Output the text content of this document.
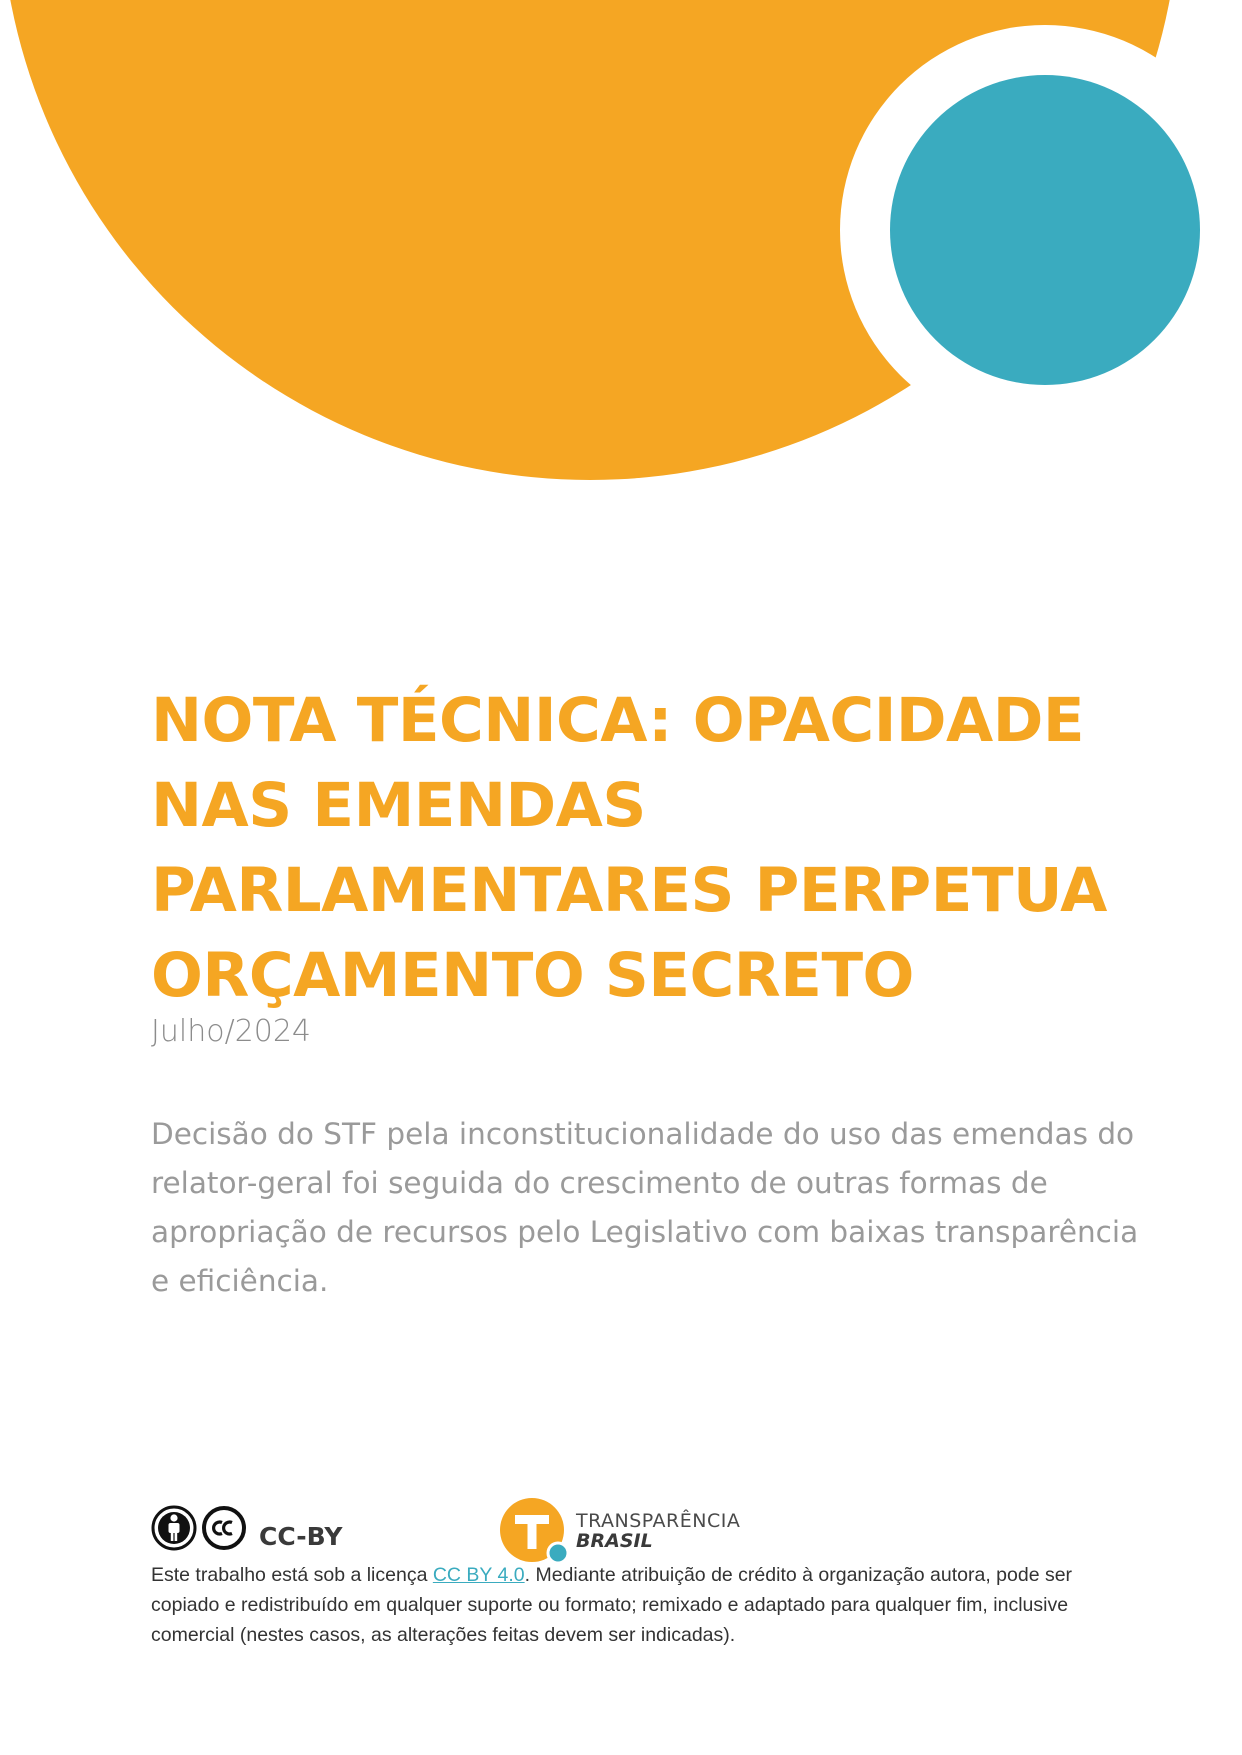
NOTA TÉCNICA: OPACIDADE
NAS EMENDAS
PARLAMENTARES PERPETUA
ORÇAMENTO SECRETO
Julho/2024

Decisão do STF pela inconstitucionalidade do uso das emendas do
relator-geral foi seguida do crescimento de outras formas de
apropriação de recursos pelo Legislativo com baixas transparência
e eficiência.

CC-BY
TRANSPARÊNCIA
BRASIL

Este trabalho está sob a licença CC BY 4.0. Mediante atribuição de crédito à organização autora, pode ser
copiado e redistribuído em qualquer suporte ou formato; remixado e adaptado para qualquer fim, inclusive
comercial (nestes casos, as alterações feitas devem ser indicadas).
